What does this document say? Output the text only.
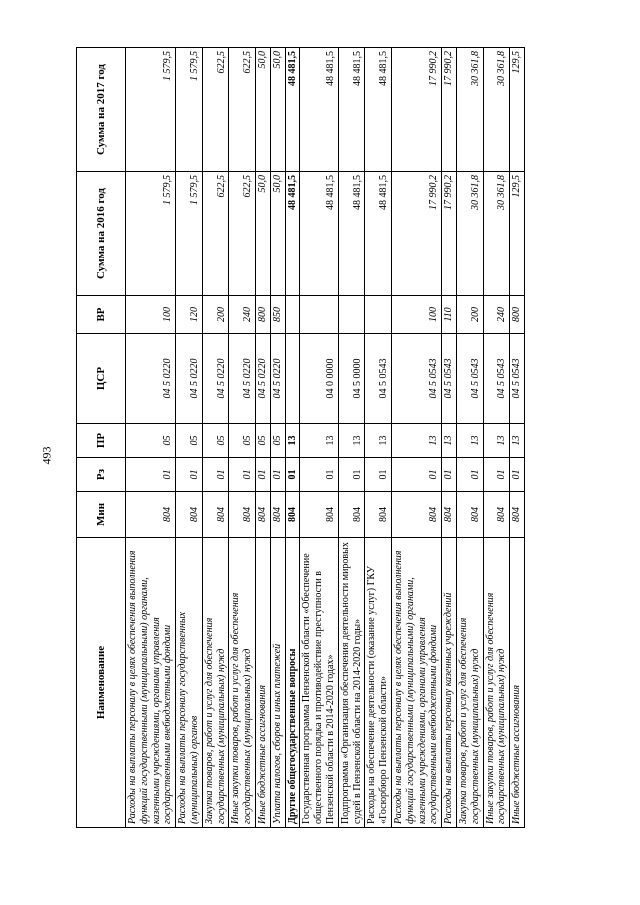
493
Наименование	Мин	Рз	ПР	ЦСР	ВР	Сумма на 2016 год	Сумма на 2017 год
Расходы на выплаты персоналу в целях обеспечения выполнения функций государственными (муниципальными) органами, казенными учреждениями, органами управления государственными внебюджетными фондами	804	01	05	04 5 0220	100	1 579,5	1 579,5
Расходы на выплаты персоналу государственных (муниципальных) органов	804	01	05	04 5 0220	120	1 579,5	1 579,5
Закупка товаров, работ и услуг для обеспечения государственных (муниципальных) нужд	804	01	05	04 5 0220	200	622,5	622,5
Иные закупки товаров, работ и услуг для обеспечения государственных (муниципальных) нужд	804	01	05	04 5 0220	240	622,5	622,5
Иные бюджетные ассигнования	804	01	05	04 5 0220	800	50,0	50,0
Уплата налогов, сборов и иных платежей	804	01	05	04 5 0220	850	50,0	50,0
Другие общегосударственные вопросы	804	01	13			48 481,5	48 481,5
Государственная программа Пензенской области «Обеспечение общественного порядка и противодействие преступности в Пензенской области в 2014-2020 годах»	804	01	13	04 0 0000		48 481,5	48 481,5
Подпрограмма «Организация обеспечения деятельности мировых судей в Пензенской области на 2014-2020 годы»	804	01	13	04 5 0000		48 481,5	48 481,5
Расходы на обеспечение деятельности (оказание услуг) ГКУ «Госюрбюро Пензенской области»	804	01	13	04 5 0543		48 481,5	48 481,5
Расходы на выплаты персоналу в целях обеспечения выполнения функций государственными (муниципальными) органами, казенными учреждениями, органами управления государственными внебюджетными фондами	804	01	13	04 5 0543	100	17 990,2	17 990,2
Расходы на выплаты персоналу казенных учреждений	804	01	13	04 5 0543	110	17 990,2	17 990,2
Закупка товаров, работ и услуг для обеспечения государственных (муниципальных) нужд	804	01	13	04 5 0543	200	30 361,8	30 361,8
Иные закупки товаров, работ и услуг для обеспечения государственных (муниципальных) нужд	804	01	13	04 5 0543	240	30 361,8	30 361,8
Иные бюджетные ассигнования	804	01	13	04 5 0543	800	129,5	129,5
